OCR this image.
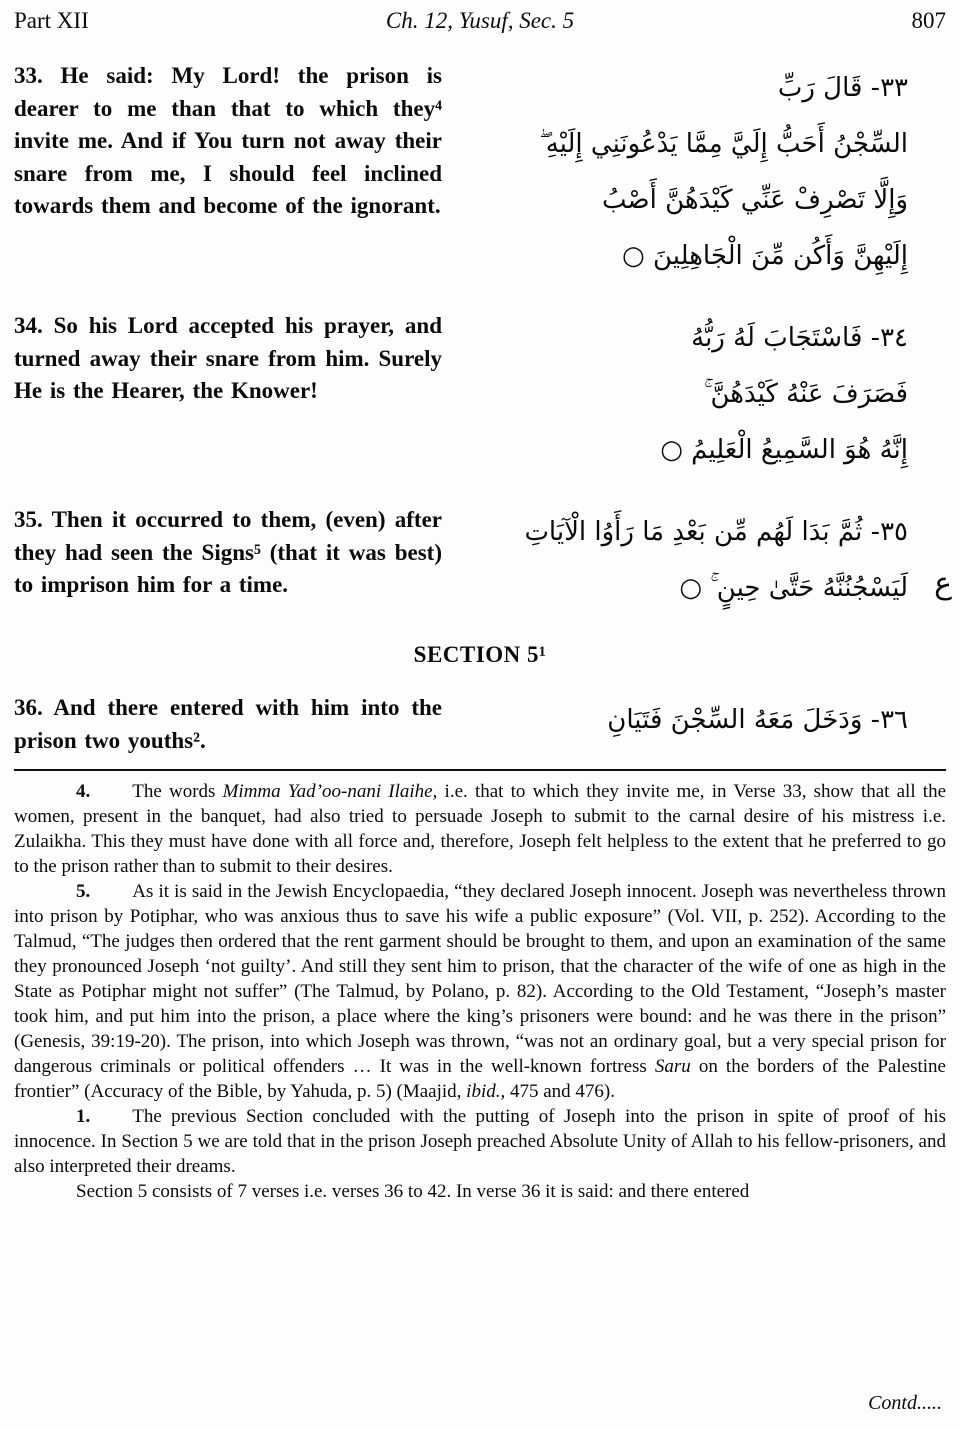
Part XII	Ch. 12, Yusuf, Sec. 5	807
33. He said: My Lord! the prison is dearer to me than that to which they⁴ invite me. And if You turn not away their snare from me, I should feel inclined towards them and become of the ignorant.
٣٣- قَالَ رَبِّ
السِّجْنُ أَحَبُّ إِلَيَّ مِمَّا يَدْعُونَنِي إِلَيْهِ ۖ
وَإِلَّا تَصْرِفْ عَنِّي كَيْدَهُنَّ أَصْبُ
إِلَيْهِنَّ وَأَكُن مِّنَ الْجَاهِلِينَ ○
34. So his Lord accepted his prayer, and turned away their snare from him. Surely He is the Hearer, the Knower!
٣٤- فَاسْتَجَابَ لَهُ رَبُّهُ
فَصَرَفَ عَنْهُ كَيْدَهُنَّ ۚ
إِنَّهُ هُوَ السَّمِيعُ الْعَلِيمُ ○
35. Then it occurred to them, (even) after they had seen the Signs⁵ (that it was best) to imprison him for a time.
٣٥- ثُمَّ بَدَا لَهُم مِّن بَعْدِ مَا رَأَوُا الْآيَاتِ
لَيَسْجُنُنَّهُ حَتَّىٰ حِينٍ ۚ ○
SECTION 5¹
36. And there entered with him into the prison two youths².
٣٦- وَدَخَلَ مَعَهُ السِّجْنَ فَتَيَانِ

4. The words Mimma Yad’oo-nani Ilaihe, i.e. that to which they invite me, in Verse 33, show that all the women, present in the banquet, had also tried to persuade Joseph to submit to the carnal desire of his mistress i.e. Zulaikha. This they must have done with all force and, therefore, Joseph felt helpless to the extent that he preferred to go to the prison rather than to submit to their desires.

5. As it is said in the Jewish Encyclopaedia, “they declared Joseph innocent. Joseph was nevertheless thrown into prison by Potiphar, who was anxious thus to save his wife a public exposure” (Vol. VII, p. 252). According to the Talmud, “The judges then ordered that the rent garment should be brought to them, and upon an examination of the same they pronounced Joseph ‘not guilty’. And still they sent him to prison, that the character of the wife of one as high in the State as Potiphar might not suffer” (The Talmud, by Polano, p. 82). According to the Old Testament, “Joseph’s master took him, and put him into the prison, a place where the king’s prisoners were bound: and he was there in the prison” (Genesis, 39:19-20). The prison, into which Joseph was thrown, “was not an ordinary goal, but a very special prison for dangerous criminals or political offenders … It was in the well-known fortress Saru on the borders of the Palestine frontier” (Accuracy of the Bible, by Yahuda, p. 5) (Maajid, ibid., 475 and 476).

1. The previous Section concluded with the putting of Joseph into the prison in spite of proof of his innocence. In Section 5 we are told that in the prison Joseph preached Absolute Unity of Allah to his fellow-prisoners, and also interpreted their dreams.

Section 5 consists of 7 verses i.e. verses 36 to 42. In verse 36 it is said: and there entered

ع
Contd.....
